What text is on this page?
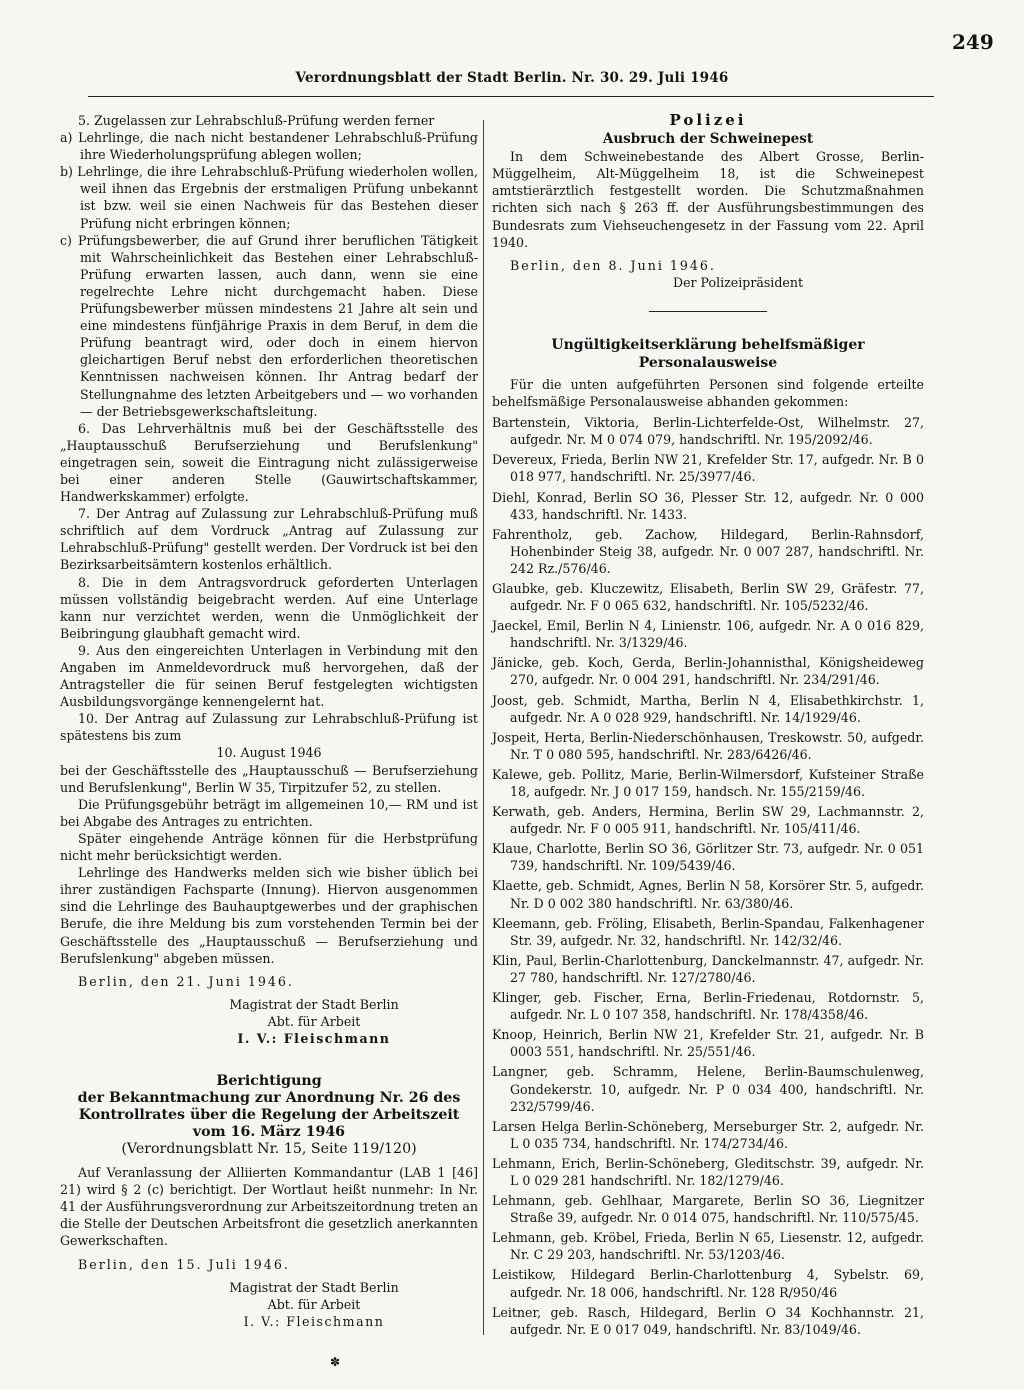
249
Verordnungsblatt der Stadt Berlin. Nr. 30. 29. Juli 1946

5. Zugelassen zur Lehrabschluß-Prüfung werden ferner

a) Lehrlinge, die nach nicht bestandener Lehrabschluß-Prüfung ihre Wiederholungsprüfung ablegen wollen;

b) Lehrlinge, die ihre Lehrabschluß-Prüfung wiederholen wollen, weil ihnen das Ergebnis der erstmaligen Prüfung unbekannt ist bzw. weil sie einen Nachweis für das Bestehen dieser Prüfung nicht erbringen können;

c) Prüfungsbewerber, die auf Grund ihrer beruflichen Tätigkeit mit Wahrscheinlichkeit das Bestehen einer Lehrabschluß-Prüfung erwarten lassen, auch dann, wenn sie eine regelrechte Lehre nicht durchgemacht haben. Diese Prüfungsbewerber müssen mindestens 21 Jahre alt sein und eine mindestens fünfjährige Praxis in dem Beruf, in dem die Prüfung beantragt wird, oder doch in einem hiervon gleichartigen Beruf nebst den erforderlichen theoretischen Kenntnissen nachweisen können. Ihr Antrag bedarf der Stellungnahme des letzten Arbeitgebers und — wo vorhanden — der Betriebsgewerkschaftsleitung.

6. Das Lehrverhältnis muß bei der Geschäftsstelle des „Hauptausschuß Berufserziehung und Berufslenkung" eingetragen sein, soweit die Eintragung nicht zulässigerweise bei einer anderen Stelle (Gauwirtschaftskammer, Handwerkskammer) erfolgte.

7. Der Antrag auf Zulassung zur Lehrabschluß-Prüfung muß schriftlich auf dem Vordruck „Antrag auf Zulassung zur Lehrabschluß-Prüfung" gestellt werden. Der Vordruck ist bei den Bezirksarbeitsämtern kostenlos erhältlich.

8. Die in dem Antragsvordruck geforderten Unterlagen müssen vollständig beigebracht werden. Auf eine Unterlage kann nur verzichtet werden, wenn die Unmöglichkeit der Beibringung glaubhaft gemacht wird.

9. Aus den eingereichten Unterlagen in Verbindung mit den Angaben im Anmeldevordruck muß hervorgehen, daß der Antragsteller die für seinen Beruf festgelegten wichtigsten Ausbildungsvorgänge kennengelernt hat.

10. Der Antrag auf Zulassung zur Lehrabschluß-Prüfung ist spätestens bis zum

10. August 1946

bei der Geschäftsstelle des „Hauptausschuß — Berufserziehung und Berufslenkung", Berlin W 35, Tirpitzufer 52, zu stellen.

Die Prüfungsgebühr beträgt im allgemeinen 10,— RM und ist bei Abgabe des Antrages zu entrichten.

Später eingehende Anträge können für die Herbstprüfung nicht mehr berücksichtigt werden.

Lehrlinge des Handwerks melden sich wie bisher üblich bei ihrer zuständigen Fachsparte (Innung). Hiervon ausgenommen sind die Lehrlinge des Bauhauptgewerbes und der graphischen Berufe, die ihre Meldung bis zum vorstehenden Termin bei der Geschäftsstelle des „Hauptausschuß — Berufserziehung und Berufslenkung" abgeben müssen.

Berlin, den 21. Juni 1946.

Magistrat der Stadt Berlin

Abt. für Arbeit

I. V.: Fleischmann

Berichtigung

der Bekanntmachung zur Anordnung Nr. 26 des Kontrollrates über die Regelung der Arbeitszeit vom 16. März 1946

(Verordnungsblatt Nr. 15, Seite 119/120)

Auf Veranlassung der Alliierten Kommandantur (LAB 1 [46] 21) wird § 2 (c) berichtigt. Der Wortlaut heißt nunmehr: In Nr. 41 der Ausführungsverordnung zur Arbeitszeitordnung treten an die Stelle der Deutschen Arbeitsfront die gesetzlich anerkannten Gewerkschaften.

Berlin, den 15. Juli 1946.

Magistrat der Stadt Berlin

Abt. für Arbeit

I. V.: Fleischmann

Polizei

Ausbruch der Schweinepest

In dem Schweinebestande des Albert Grosse, Berlin-Müggelheim, Alt-Müggelheim 18, ist die Schweinepest amtstierärztlich festgestellt worden. Die Schutzmaßnahmen richten sich nach § 263 ff. der Ausführungsbestimmungen des Bundesrats zum Viehseuchengesetz in der Fassung vom 22. April 1940.

Berlin, den 8. Juni 1946.

Der Polizeipräsident

Ungültigkeitserklärung behelfsmäßiger Personalausweise

Für die unten aufgeführten Personen sind folgende erteilte behelfsmäßige Personalausweise abhanden gekommen:

Bartenstein, Viktoria, Berlin-Lichterfelde-Ost, Wilhelmstr. 27, aufgedr. Nr. M 0 074 079, handschriftl. Nr. 195/2092/46.

Devereux, Frieda, Berlin NW 21, Krefelder Str. 17, aufgedr. Nr. B 0 018 977, handschriftl. Nr. 25/3977/46.

Diehl, Konrad, Berlin SO 36, Plesser Str. 12, aufgedr. Nr. 0 000 433, handschriftl. Nr. 1433.

Fahrentholz, geb. Zachow, Hildegard, Berlin-Rahnsdorf, Hohenbinder Steig 38, aufgedr. Nr. 0 007 287, handschriftl. Nr. 242 Rz./576/46.

Glaubke, geb. Kluczewitz, Elisabeth, Berlin SW 29, Gräfestr. 77, aufgedr. Nr. F 0 065 632, handschriftl. Nr. 105/5232/46.

Jaeckel, Emil, Berlin N 4, Linienstr. 106, aufgedr. Nr. A 0 016 829, handschriftl. Nr. 3/1329/46.

Jänicke, geb. Koch, Gerda, Berlin-Johannisthal, Königsheideweg 270, aufgedr. Nr. 0 004 291, handschriftl. Nr. 234/291/46.

Joost, geb. Schmidt, Martha, Berlin N 4, Elisabethkirchstr. 1, aufgedr. Nr. A 0 028 929, handschriftl. Nr. 14/1929/46.

Jospeit, Herta, Berlin-Niederschönhausen, Treskowstr. 50, aufgedr. Nr. T 0 080 595, handschriftl. Nr. 283/6426/46.

Kalewe, geb. Pollitz, Marie, Berlin-Wilmersdorf, Kufsteiner Straße 18, aufgedr. Nr. J 0 017 159, handsch. Nr. 155/2159/46.

Kerwath, geb. Anders, Hermina, Berlin SW 29, Lachmannstr. 2, aufgedr. Nr. F 0 005 911, handschriftl. Nr. 105/411/46.

Klaue, Charlotte, Berlin SO 36, Görlitzer Str. 73, aufgedr. Nr. 0 051 739, handschriftl. Nr. 109/5439/46.

Klaette, geb. Schmidt, Agnes, Berlin N 58, Korsörer Str. 5, aufgedr. Nr. D 0 002 380 handschriftl. Nr. 63/380/46.

Kleemann, geb. Fröling, Elisabeth, Berlin-Spandau, Falkenhagener Str. 39, aufgedr. Nr. 32, handschriftl. Nr. 142/32/46.

Klin, Paul, Berlin-Charlottenburg, Danckelmannstr. 47, aufgedr. Nr. 27 780, handschriftl. Nr. 127/2780/46.

Klinger, geb. Fischer, Erna, Berlin-Friedenau, Rotdornstr. 5, aufgedr. Nr. L 0 107 358, handschriftl. Nr. 178/4358/46.

Knoop, Heinrich, Berlin NW 21, Krefelder Str. 21, aufgedr. Nr. B 0003 551, handschriftl. Nr. 25/551/46.

Langner, geb. Schramm, Helene, Berlin-Baumschulenweg, Gondekerstr. 10, aufgedr. Nr. P 0 034 400, handschriftl. Nr. 232/5799/46.

Larsen Helga Berlin-Schöneberg, Merseburger Str. 2, aufgedr. Nr. L 0 035 734, handschriftl. Nr. 174/2734/46.

Lehmann, Erich, Berlin-Schöneberg, Gleditschstr. 39, aufgedr. Nr. L 0 029 281 handschriftl. Nr. 182/1279/46.

Lehmann, geb. Gehlhaar, Margarete, Berlin SO 36, Liegnitzer Straße 39, aufgedr. Nr. 0 014 075, handschriftl. Nr. 110/575/45.

Lehmann, geb. Kröbel, Frieda, Berlin N 65, Liesenstr. 12, aufgedr. Nr. C 29 203, handschriftl. Nr. 53/1203/46.

Leistikow, Hildegard Berlin-Charlottenburg 4, Sybelstr. 69, aufgedr. Nr. 18 006, handschriftl. Nr. 128 R/950/46

Leitner, geb. Rasch, Hildegard, Berlin O 34 Kochhannstr. 21, aufgedr. Nr. E 0 017 049, handschriftl. Nr. 83/1049/46.

✽
